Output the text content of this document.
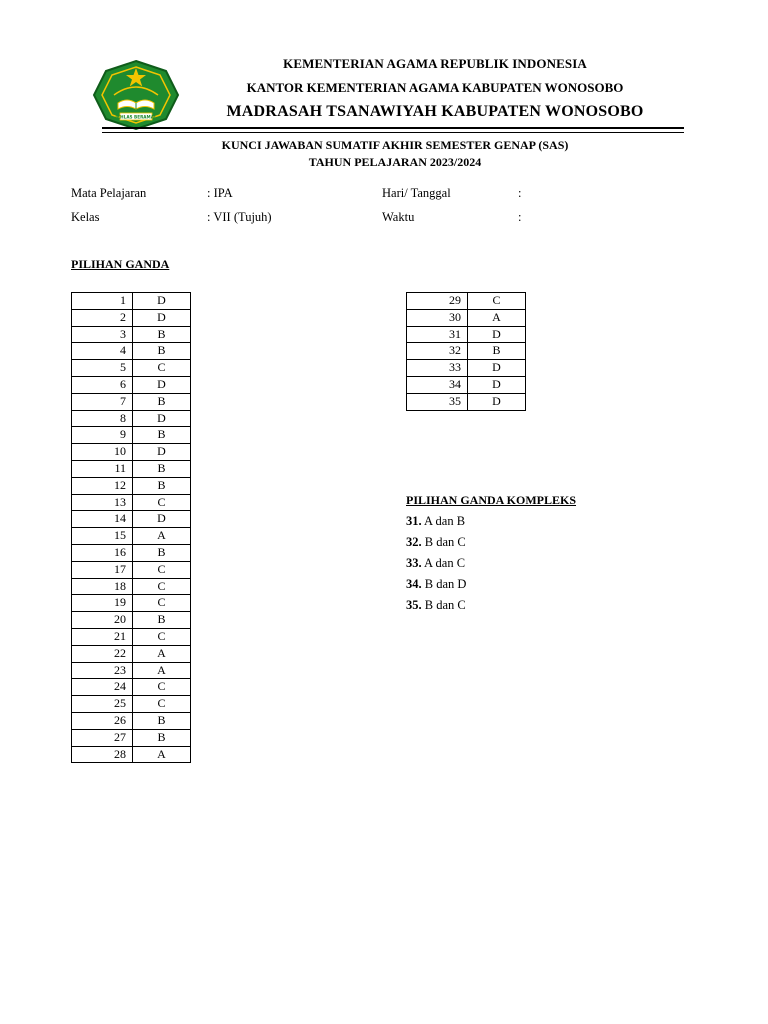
IKHLAS BERAMAL
KEMENTERIAN AGAMA REPUBLIK INDONESIA
KANTOR KEMENTERIAN AGAMA KABUPATEN WONOSOBO
MADRASAH TSANAWIYAH KABUPATEN WONOSOBO
KUNCI JAWABAN SUMATIF AKHIR SEMESTER GENAP (SAS)
TAHUN PELAJARAN 2023/2024
Mata Pelajaran	: IPA	Hari/ Tanggal	:
Kelas	: VII (Tujuh)	Waktu	:
PILIHAN GANDA
1	D
2	D
3	B
4	B
5	C
6	D
7	B
8	D
9	B
10	D
11	B
12	B
13	C
14	D
15	A
16	B
17	C
18	C
19	C
20	B
21	C
22	A
23	A
24	C
25	C
26	B
27	B
28	A
29	C
30	A
31	D
32	B
33	D
34	D
35	D
PILIHAN GANDA KOMPLEKS
31. A dan B
32. B dan C
33. A dan C
34. B dan D
35. B dan C
